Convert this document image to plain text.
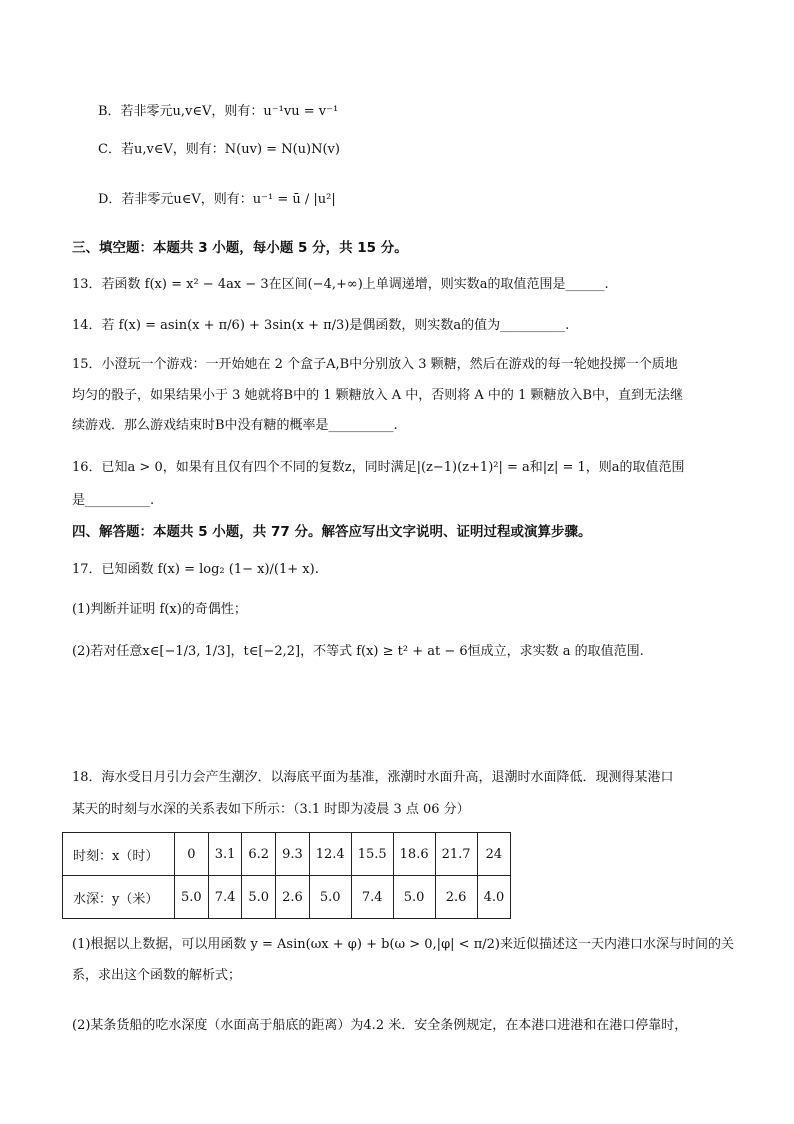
B．若非零元u,v∈V，则有：u⁻¹vu = v⁻¹
C．若u,v∈V，则有：N(uv) = N(u)N(v)
D．若非零元u∈V，则有：u⁻¹ = ū / |u²|
三、填空题：本题共 3 小题，每小题 5 分，共 15 分。
13．若函数 f(x) = x² − 4ax − 3在区间(−4,+∞)上单调递增，则实数a的取值范围是______.
14．若 f(x) = asin(x + π/6) + 3sin(x + π/3)是偶函数，则实数a的值为__________.
15．小澄玩一个游戏：一开始她在 2 个盒子A,B中分别放入 3 颗糖，然后在游戏的每一轮她投掷一个质地
均匀的骰子，如果结果小于 3 她就将B中的 1 颗糖放入 A 中，否则将 A 中的 1 颗糖放入B中，直到无法继
续游戏．那么游戏结束时B中没有糖的概率是__________.
16．已知a > 0，如果有且仅有四个不同的复数z，同时满足|(z−1)(z+1)²| = a和|z| = 1，则a的取值范围
是__________.
四、解答题：本题共 5 小题，共 77 分。解答应写出文字说明、证明过程或演算步骤。
17．已知函数 f(x) = log₂ (1− x)/(1+ x).
(1)判断并证明 f(x)的奇偶性；
(2)若对任意x∈[−1/3, 1/3]，t∈[−2,2]，不等式 f(x) ≥ t² + at − 6恒成立，求实数 a 的取值范围.
18．海水受日月引力会产生潮汐．以海底平面为基准，涨潮时水面升高，退潮时水面降低．现测得某港口
某天的时刻与水深的关系表如下所示：（3.1 时即为凌晨 3 点 06 分）
时刻：x（时）	0	3.1	6.2	9.3	12.4	15.5	18.6	21.7	24
水深：y（米）	5.0	7.4	5.0	2.6	5.0	7.4	5.0	2.6	4.0
(1)根据以上数据，可以用函数 y = Asin(ωx + φ) + b(ω > 0,|φ| < π/2)来近似描述这一天内港口水深与时间的关
系，求出这个函数的解析式；
(2)某条货船的吃水深度（水面高于船底的距离）为4.2 米．安全条例规定，在本港口进港和在港口停靠时，
